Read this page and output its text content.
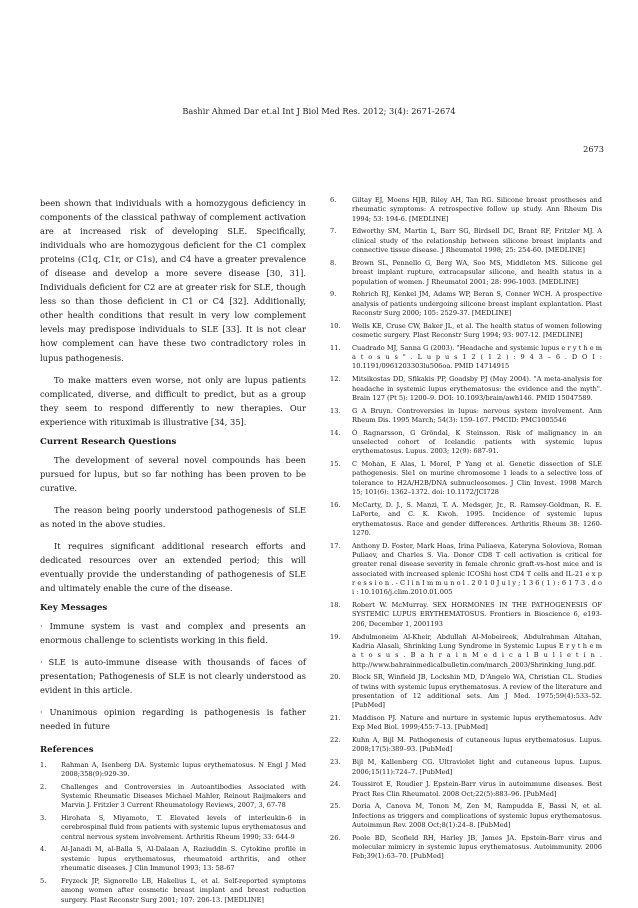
Bashir Ahmed Dar et.al Int J Biol Med Res. 2012; 3(4): 2671-2674
2673

been shown that individuals with a homozygous deficiency in components of the classical pathway of complement activation are at increased risk of developing SLE. Specifically, individuals who are homozygous deficient for the C1 complex proteins (C1q, C1r, or C1s), and C4 have a greater prevalence of disease and develop a more severe disease [30, 31]. Individuals deficient for C2 are at greater risk for SLE, though less so than those deficient in C1 or C4 [32]. Additionally, other health conditions that result in very low complement levels may predispose individuals to SLE [33]. It is not clear how complement can have these two contradictory roles in lupus pathogenesis.

To make matters even worse, not only are lupus patients complicated, diverse, and difficult to predict, but as a group they seem to respond differently to new therapies. Our experience with rituximab is illustrative [34, 35].

Current Research Questions

The development of several novel compounds has been pursued for lupus, but so far nothing has been proven to be curative.

The reason being poorly understood pathogenesis of SLE as noted in the above studies.

It requires significant additional research efforts and dedicated resources over an extended period; this will eventually provide the understanding of pathogenesis of SLE and ultimately enable the cure of the disease.

Key Messages

· Immune system is vast and complex and presents an enormous challenge to scientists working in this field.

· SLE is auto-immune disease with thousands of faces of presentation; Pathogenesis of SLE is not clearly understood as evident in this article.

· Unanimous opinion regarding is pathogenesis is father needed in future

References
1.	Rahman A, Isenberg DA. Systemic lupus erythematosus. N Engl J Med 2008;358(9):929-39.
2.	Challenges and Controversies in Autoantibodies Associated with Systemic Rheumatic Diseases Michael Mahler, Reinout Raijmakers and Marvin J. Fritzler 3 Current Rheumatology Reviews, 2007, 3, 67-78
3.	Hirohata S, Miyamoto, T. Elevated levels of interleukin-6 in cerebrospinal fluid from patients with systemic lupus erythematosus and central nervous system involvement. Arthritis Rheum 1990; 33: 644-9
4.	Al-Janadi M, al-Balla S, Al-Dalaan A, Raziuddin S. Cytokine profile in systemic lupus erythematosus, rheumatoid arthritis, and other rheumatic diseases. J Clin Immunol 1993; 13: 58-67
5.	Fryzeck JP, Signorello LB, Hakelius L, et al. Self-reported symptoms among women after cosmetic breast implant and breast reduction surgery. Plast Reconstr Surg 2001; 107: 206-13. [MEDLINE]
6.	Giltay EJ, Moens HJB, Riley AH, Tan RG. Silicone breast prostheses and rheumatic symptoms: A retrospective follow up study. Ann Rheum Dis 1994; 53: 194-6. [MEDLINE]
7.	Edworthy SM, Martin L, Barr SG, Birdsell DC, Brant RF, Fritzler MJ. A clinical study of the relationship between silicone breast implants and connective tissue disease. J Rheumatol 1998; 25: 254-60. [MEDLINE]
8.	Brown SL, Pennello G, Berg WA, Soo MS, Middleton MS. Silicone gel breast implant rupture, extracapsular silicone, and health status in a population of women. J Rheumatol 2001; 28: 996-1003. [MEDLINE]
9.	Rohrich RJ, Kenkel JM, Adams WP, Beran S, Conner WCH. A prospective analysis of patients undergoing silicone breast implant explantation. Plast Reconstr Surg 2000; 105: 2529-37. [MEDLINE]
10.	Wells KE, Cruse CW, Baker JL, et al. The health status of women following cosmetic surgery. Plast Reconstr Surg 1994; 93: 907-12. [MEDLINE]
11.	Cuadrado MJ, Sanna G (2003). "Headache and systemic lupus e r y t h e m a t o s u s " . L u p u s 1 2 ( 1 2 ) : 9 4 3 – 6 . D O I : 10.1191/0961203303lu506oa. PMID 14714915
12.	Mitsikostas DD, Sfikakis PP, Goadsby PJ (May 2004). "A meta-analysis for headache in systemic lupus erythematosus: the evidence and the myth". Brain 127 (Pt 5): 1200–9. DOI: 10.1093/brain/awh146. PMID 15047589.
13.	G A Bruyn. Controversies in lupus: nervous system involvement. Ann Rheum Dis. 1995 March; 54(3): 159–167. PMCID: PMC1005546
14.	Ó Ragnarsson, G Gröndal, K Steinsson. Risk of malignancy in an unselected cohort of Icelandic patients with systemic lupus erythematosus. Lupus. 2003; 12(9): 687-91.
15.	C Mohan, E Alas, L Morel, P Yang et al. Genetic dissection of SLE pathogenesis. Sle1 on murine chromosome 1 leads to a selective loss of tolerance to H2A/H2B/DNA subnucleosomes. J Clin Invest. 1998 March 15; 101(6): 1362–1372. doi: 10.1172/JCI728
16.	McCarty, D. J., S. Manzi, T. A. Medsger, Jr., R. Ramsey-Goldman, R. E. LaPorte, and C. K. Kwoh. 1995. Incidence of systemic lupus erythematosus. Race and gender differences. Arthritis Rheum 38: 1260-1270.
17.	Anthony D. Foster, Mark Haas, Irina Puliaeva, Kateryna Soloviova, Roman Puliaev, and Charles S. Via. Donor CD8 T cell activation is critical for greater renal disease severity in female chronic graft-vs-host mice and is associated with increased splenic ICOShi host CD4 T cells and IL-21 e x p r e s s i o n . - C l i n I m m u n o l . 2 0 1 0 J u l y ; 1 3 6 ( 1 ) : 6 1 7 3 . d o i : 10.1016/j.clim.2010.01.005
18.	Robert W. McMurray. SEX HORMONES IN THE PATHOGENESIS OF SYSTEMIC LUPUS ERYTHEMATOSUS. Frontiers in Bioscience 6, e193-206, December 1, 2001193
19.	Abdulmoneim Al-Kheir, Abdullah Al-Mobeireek, Abdulrahman Altahan, Kadria Alasali, Shrinking Lung Syndrome in Systemic Lupus E r y t h e m a t o s u s . B a h r a i n M e d i c a l B u l l e t i n . http://www.bahrainmedicalbulletin.com/march_2003/Shrinking_lung.pdf.
20.	Block SR, Winfield JB, Lockshin MD, D'Angelo WA, Christian CL. Studies of twins with systemic lupus erythematosus. A review of the literature and presentation of 12 additional sets. Am J Med. 1975;59(4):533–52. [PubMed]
21.	Maddison PJ. Nature and nurture in systemic lupus erythematosus. Adv Exp Med Biol. 1999;455:7–13. [PubMed]
22.	Kuhn A, Bijl M. Pathogenesis of cutaneous lupus erythematosus. Lupus. 2008;17(5):389–93. [PubMed]
23.	Bijl M, Kallenberg CG. Ultraviolet light and cutaneous lupus. Lupus. 2006;15(11):724–7. [PubMed]
24.	Toussirot E, Roudier J. Epstein-Barr virus in autoimmune diseases. Best Pract Res Clin Rheumatol. 2008 Oct;22(5):883–96. [PubMed]
25.	Doria A, Canova M, Tonon M, Zen M, Rampudda E, Bassi N, et al. Infections as triggers and complications of systemic lupus erythematosus. Autoimmun Rev. 2008 Oct;8(1):24–8. [PubMed]
26.	Poole BD, Scofield RH, Harley JB, James JA. Epstein-Barr virus and molecular mimicry in systemic lupus erythematosus. Autoimmunity. 2006 Feb;39(1):63–70. [PubMed]
